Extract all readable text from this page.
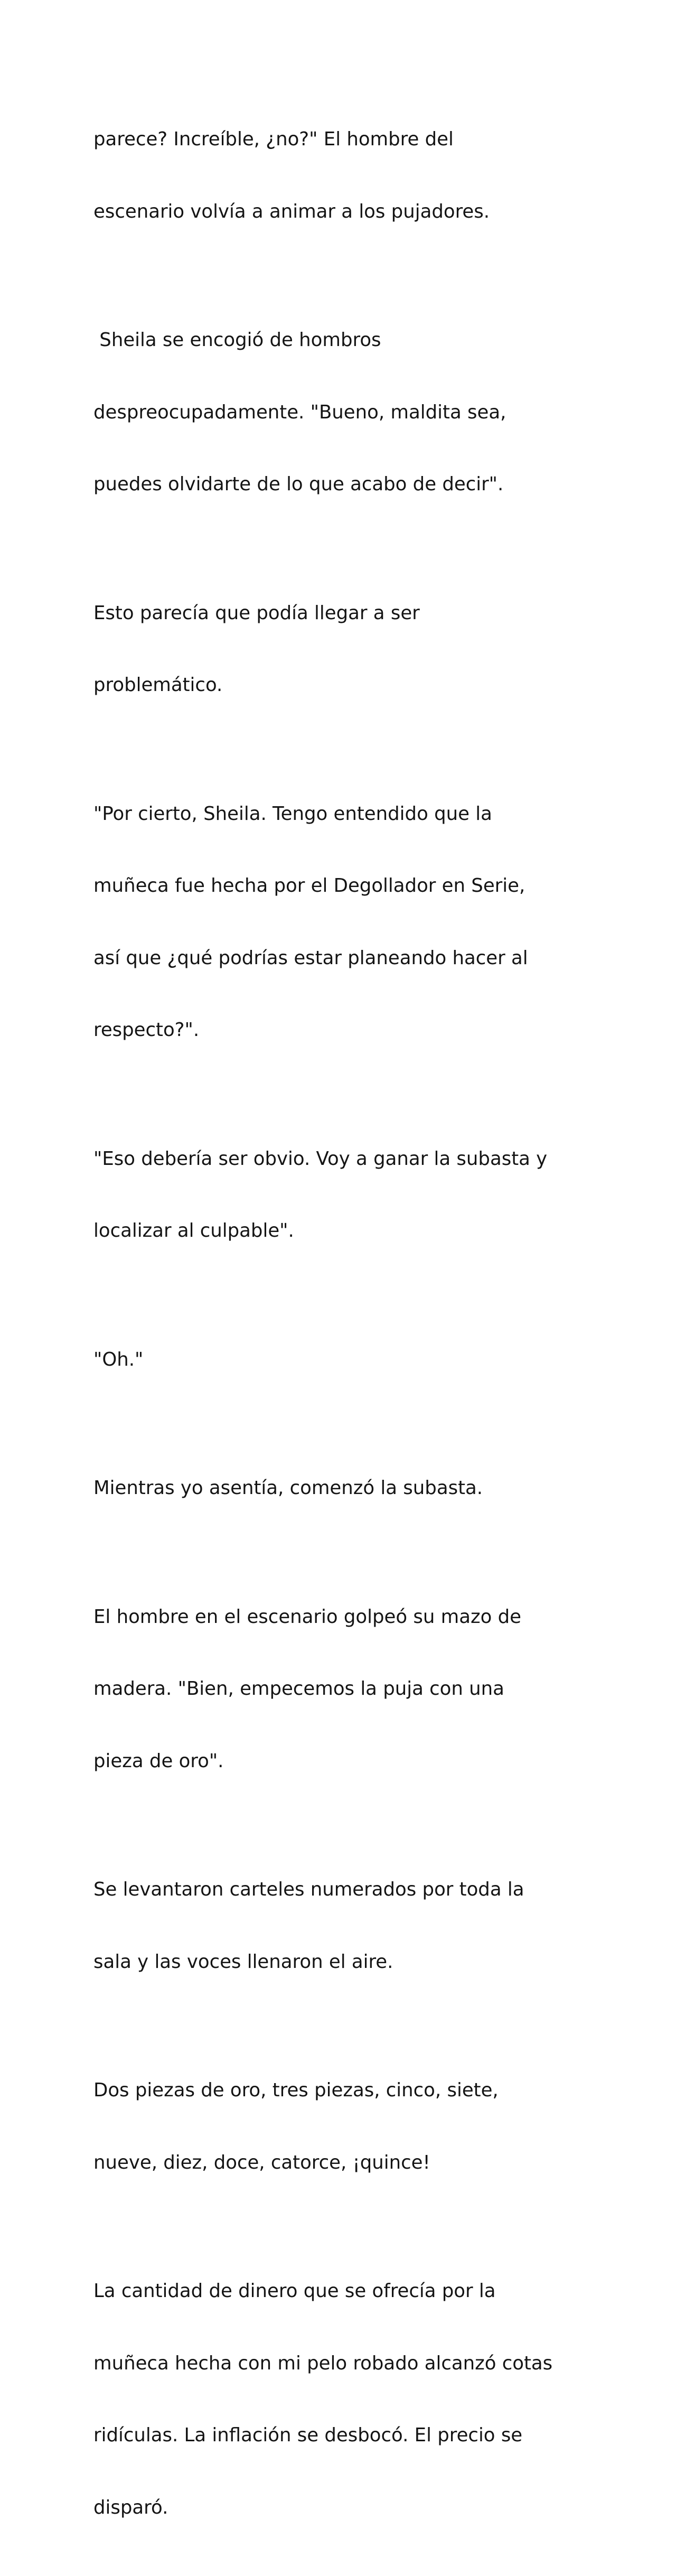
parece? Increíble, ¿no?" El hombre del

escenario volvía a animar a los pujadores.

Sheila se encogió de hombros

despreocupadamente. "Bueno, maldita sea,

puedes olvidarte de lo que acabo de decir".

Esto parecía que podía llegar a ser

problemático.

"Por cierto, Sheila. Tengo entendido que la

muñeca fue hecha por el Degollador en Serie,

así que ¿qué podrías estar planeando hacer al

respecto?".

"Eso debería ser obvio. Voy a ganar la subasta y

localizar al culpable".

"Oh."

Mientras yo asentía, comenzó la subasta.

El hombre en el escenario golpeó su mazo de

madera. "Bien, empecemos la puja con una

pieza de oro".

Se levantaron carteles numerados por toda la

sala y las voces llenaron el aire.

Dos piezas de oro, tres piezas, cinco, siete,

nueve, diez, doce, catorce, ¡quince!

La cantidad de dinero que se ofrecía por la

muñeca hecha con mi pelo robado alcanzó cotas

ridículas. La inflación se desbocó. El precio se

disparó.
